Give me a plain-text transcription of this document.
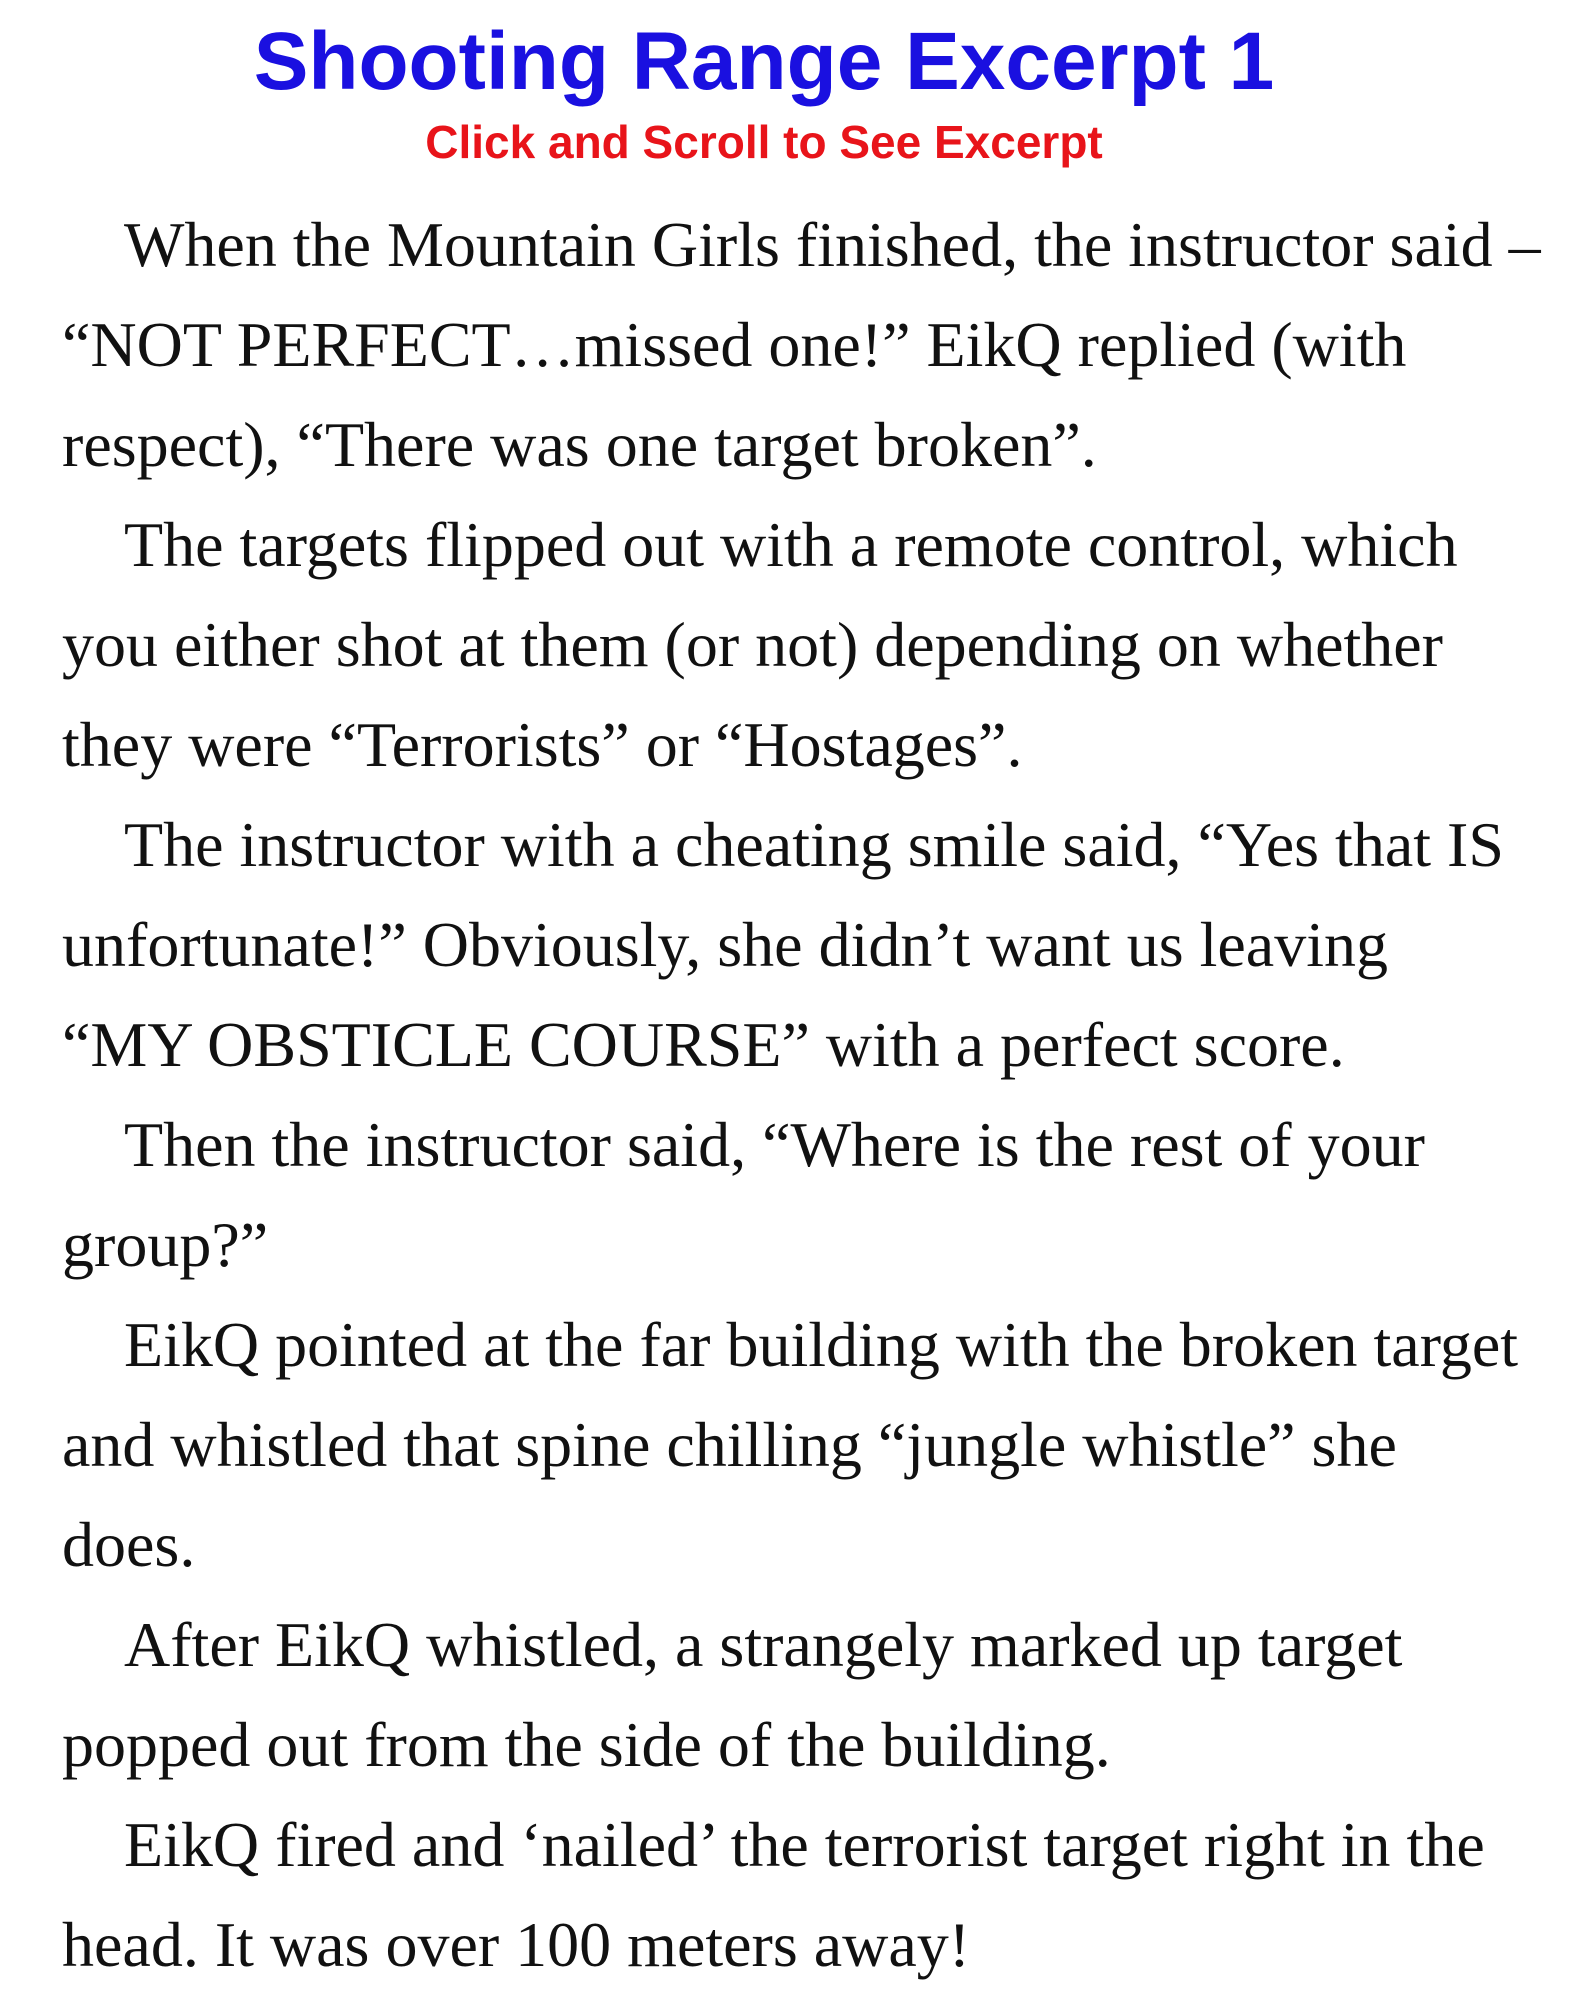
Shooting Range Excerpt 1
Click and Scroll to See Excerpt

When the Mountain Girls finished, the instructor said –
“NOT PERFECT…missed one!” EikQ replied (with
respect), “There was one target broken”.

The targets flipped out with a remote control, which
you either shot at them (or not) depending on whether
they were “Terrorists” or “Hostages”.

The instructor with a cheating smile said, “Yes that IS
unfortunate!” Obviously, she didn’t want us leaving
“MY OBSTICLE COURSE” with a perfect score.

Then the instructor said, “Where is the rest of your
group?”

EikQ pointed at the far building with the broken target
and whistled that spine chilling “jungle whistle” she
does.

After EikQ whistled, a strangely marked up target
popped out from the side of the building.

EikQ fired and ‘nailed’ the terrorist target right in the
head. It was over 100 meters away!
